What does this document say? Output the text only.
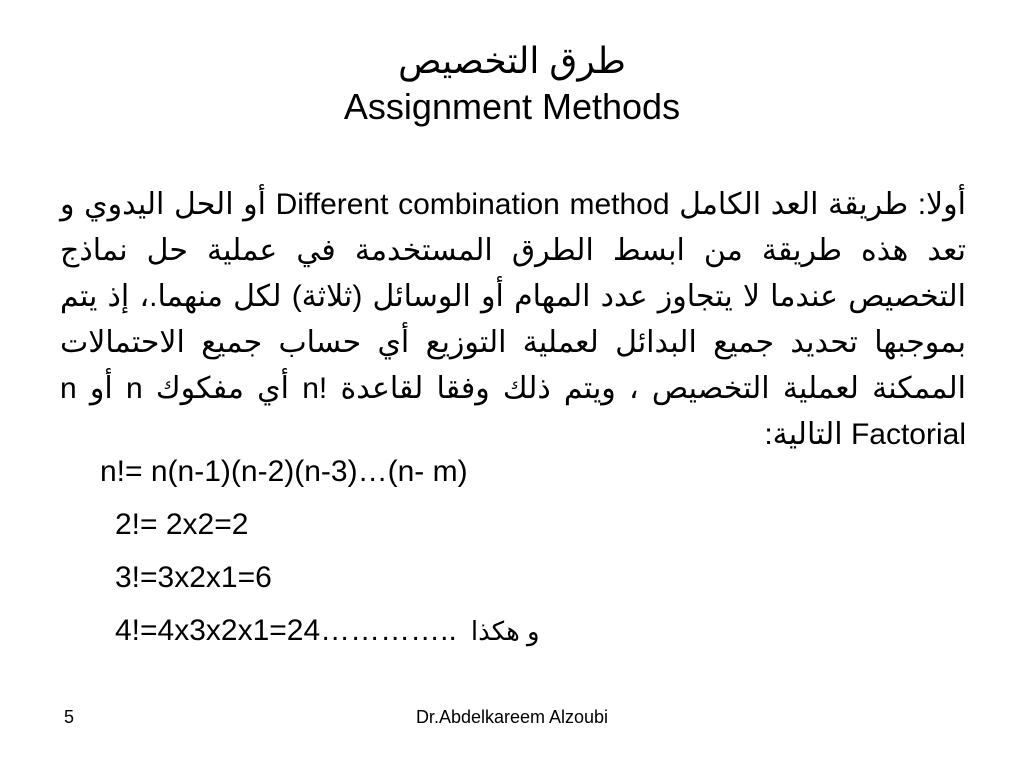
طرق التخصيص
Assignment Methods
أولا: طريقة العد الكامل Different combination method أو الحل اليدوي و تعد هذه طريقة من ابسط الطرق المستخدمة في عملية حل نماذج التخصيص عندما لا يتجاوز عدد المهام أو الوسائل (ثلاثة) لكل منهما.، إذ يتم بموجبها تحديد جميع البدائل لعملية التوزيع أي حساب جميع الاحتمالات الممكنة لعملية التخصيص ، ويتم ذلك وفقا لقاعدة n! أي مفكوك n أو n Factorial التالية:
n!= n(n-1)(n-2)(n-3)…(n- m)
2!= 2x2=2
3!=3x2x1=6
4!=4x3x2x1=24………….. و هكذا
5	Dr.Abdelkareem Alzoubi
